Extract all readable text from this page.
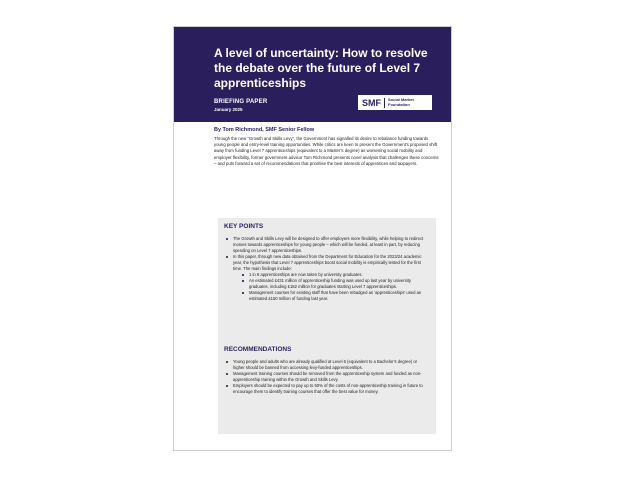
A level of uncertainty: How to resolve the debate over the future of Level 7 apprenticeships
BRIEFING PAPER
January 2025
SMF	Social Market Foundation
By Tom Richmond, SMF Senior Fellow

Through the new “Growth and Skills Levy”, the Government has signalled its desire to rebalance funding towards young people and entry-level training opportunities. While critics are keen to present the Government’s proposed shift away from funding Level 7 apprenticeships (equivalent to a Master’s degree) as worsening social mobility and employer flexibility, former government advisor Tom Richmond presents novel analysis that challenges these concerns – and puts forward a set of recommendations that prioritise the best interests of apprentices and taxpayers.

KEY POINTS
The Growth and Skills Levy will be designed to offer employers more flexibility, while helping to redirect monies towards apprenticeships for young people – which will be funded, at least in part, by reducing spending on Level 7 apprenticeships.
In this paper, through new data obtained from the Department for Education for the 2023/24 academic year, the hypothesis that Level 7 apprenticeships boost social mobility is empirically tested for the first time. The main findings include:
1 in 6 apprenticeships are now taken by university graduates.
An estimated £431 million of apprenticeship funding was used up last year by university graduates, including £182 million for graduates starting Level 7 apprenticeships.
Management courses for existing staff that have been rebadged as ‘apprenticeships’ used an estimated £150 million of funding last year.
RECOMMENDATIONS
Young people and adults who are already qualified at Level 6 (equivalent to a Bachelor’s degree) or higher should be banned from accessing levy-funded apprenticeships.
Management training courses should be removed from the apprenticeship system and funded as non-apprenticeship training within the Growth and Skills Levy.
Employers should be expected to pay up to 50% of the costs of non-apprenticeship training in future to encourage them to identify training courses that offer the best value for money.
